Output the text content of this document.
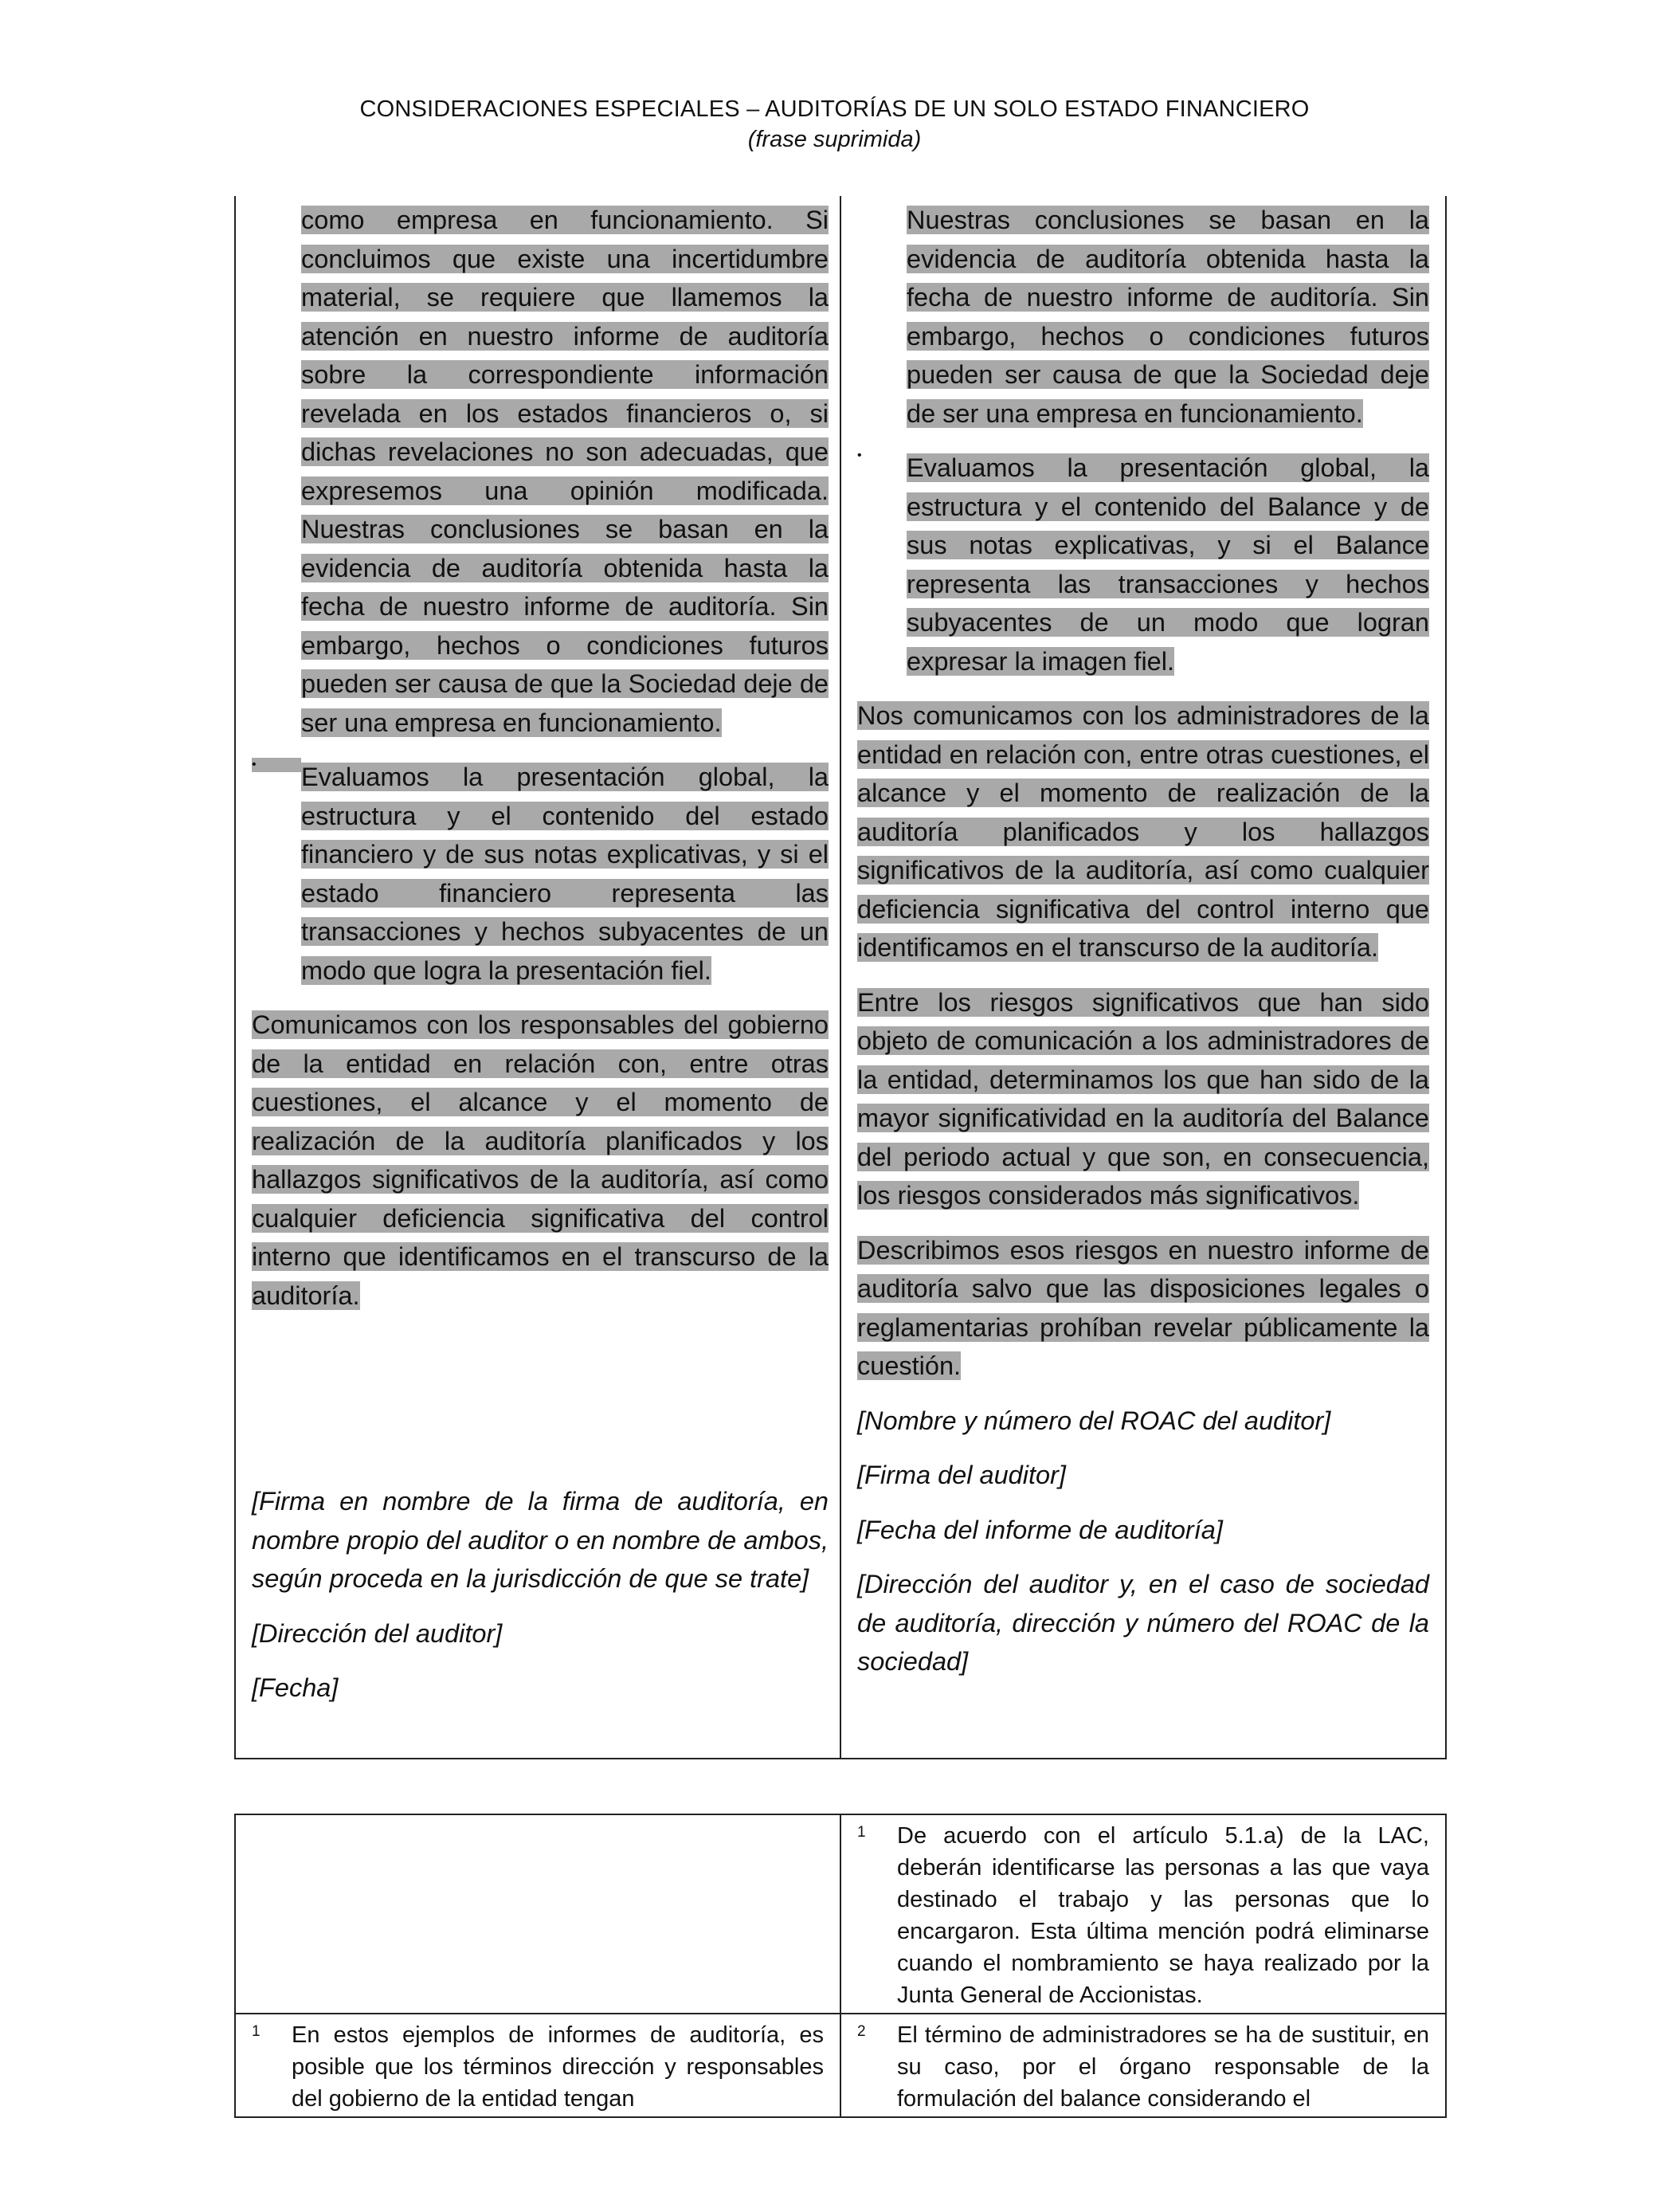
CONSIDERACIONES ESPECIALES – AUDITORÍAS DE UN SOLO ESTADO FINANCIERO
(frase suprimida)

como empresa en funcionamiento. Si concluimos que existe una incertidumbre material, se requiere que llamemos la atención en nuestro informe de auditoría sobre la correspondiente información revelada en los estados financieros o, si dichas revelaciones no son adecuadas, que expresemos una opinión modificada. Nuestras conclusiones se basan en la evidencia de auditoría obtenida hasta la fecha de nuestro informe de auditoría. Sin embargo, hechos o condiciones futuros pueden ser causa de que la Sociedad deje de ser una empresa en funcionamiento.

•	Evaluamos la presentación global, la estructura y el contenido del estado financiero y de sus notas explicativas, y si el estado financiero representa las transacciones y hechos subyacentes de un modo que logra la presentación fiel.

Comunicamos con los responsables del gobierno de la entidad en relación con, entre otras cuestiones, el alcance y el momento de realización de la auditoría planificados y los hallazgos significativos de la auditoría, así como cualquier deficiencia significativa del control interno que identificamos en el transcurso de la auditoría.

[Firma en nombre de la firma de auditoría, en nombre propio del auditor o en nombre de ambos, según proceda en la jurisdicción de que se trate]

[Dirección del auditor]

[Fecha]

Nuestras conclusiones se basan en la evidencia de auditoría obtenida hasta la fecha de nuestro informe de auditoría. Sin embargo, hechos o condiciones futuros pueden ser causa de que la Sociedad deje de ser una empresa en funcionamiento.

•	Evaluamos la presentación global, la estructura y el contenido del Balance y de sus notas explicativas, y si el Balance representa las transacciones y hechos subyacentes de un modo que logran expresar la imagen fiel.

Nos comunicamos con los administradores de la entidad en relación con, entre otras cuestiones, el alcance y el momento de realización de la auditoría planificados y los hallazgos significativos de la auditoría, así como cualquier deficiencia significativa del control interno que identificamos en el transcurso de la auditoría.

Entre los riesgos significativos que han sido objeto de comunicación a los administradores de la entidad, determinamos los que han sido de la mayor significatividad en la auditoría del Balance del periodo actual y que son, en consecuencia, los riesgos considerados más significativos.

Describimos esos riesgos en nuestro informe de auditoría salvo que las disposiciones legales o reglamentarias prohíban revelar públicamente la cuestión.

[Nombre y número del ROAC del auditor]

[Firma del auditor]

[Fecha del informe de auditoría]

[Dirección del auditor y, en el caso de sociedad de auditoría, dirección y número del ROAC de la sociedad]

	1 De acuerdo con el artículo 5.1.a) de la LAC, deberán identificarse las personas a las que vaya destinado el trabajo y las personas que lo encargaron. Esta última mención podrá eliminarse cuando el nombramiento se haya realizado por la Junta General de Accionistas.

1 En estos ejemplos de informes de auditoría, es posible que los términos dirección y responsables del gobierno de la entidad tengan	2 El término de administradores se ha de sustituir, en su caso, por el órgano responsable de la formulación del balance considerando el
